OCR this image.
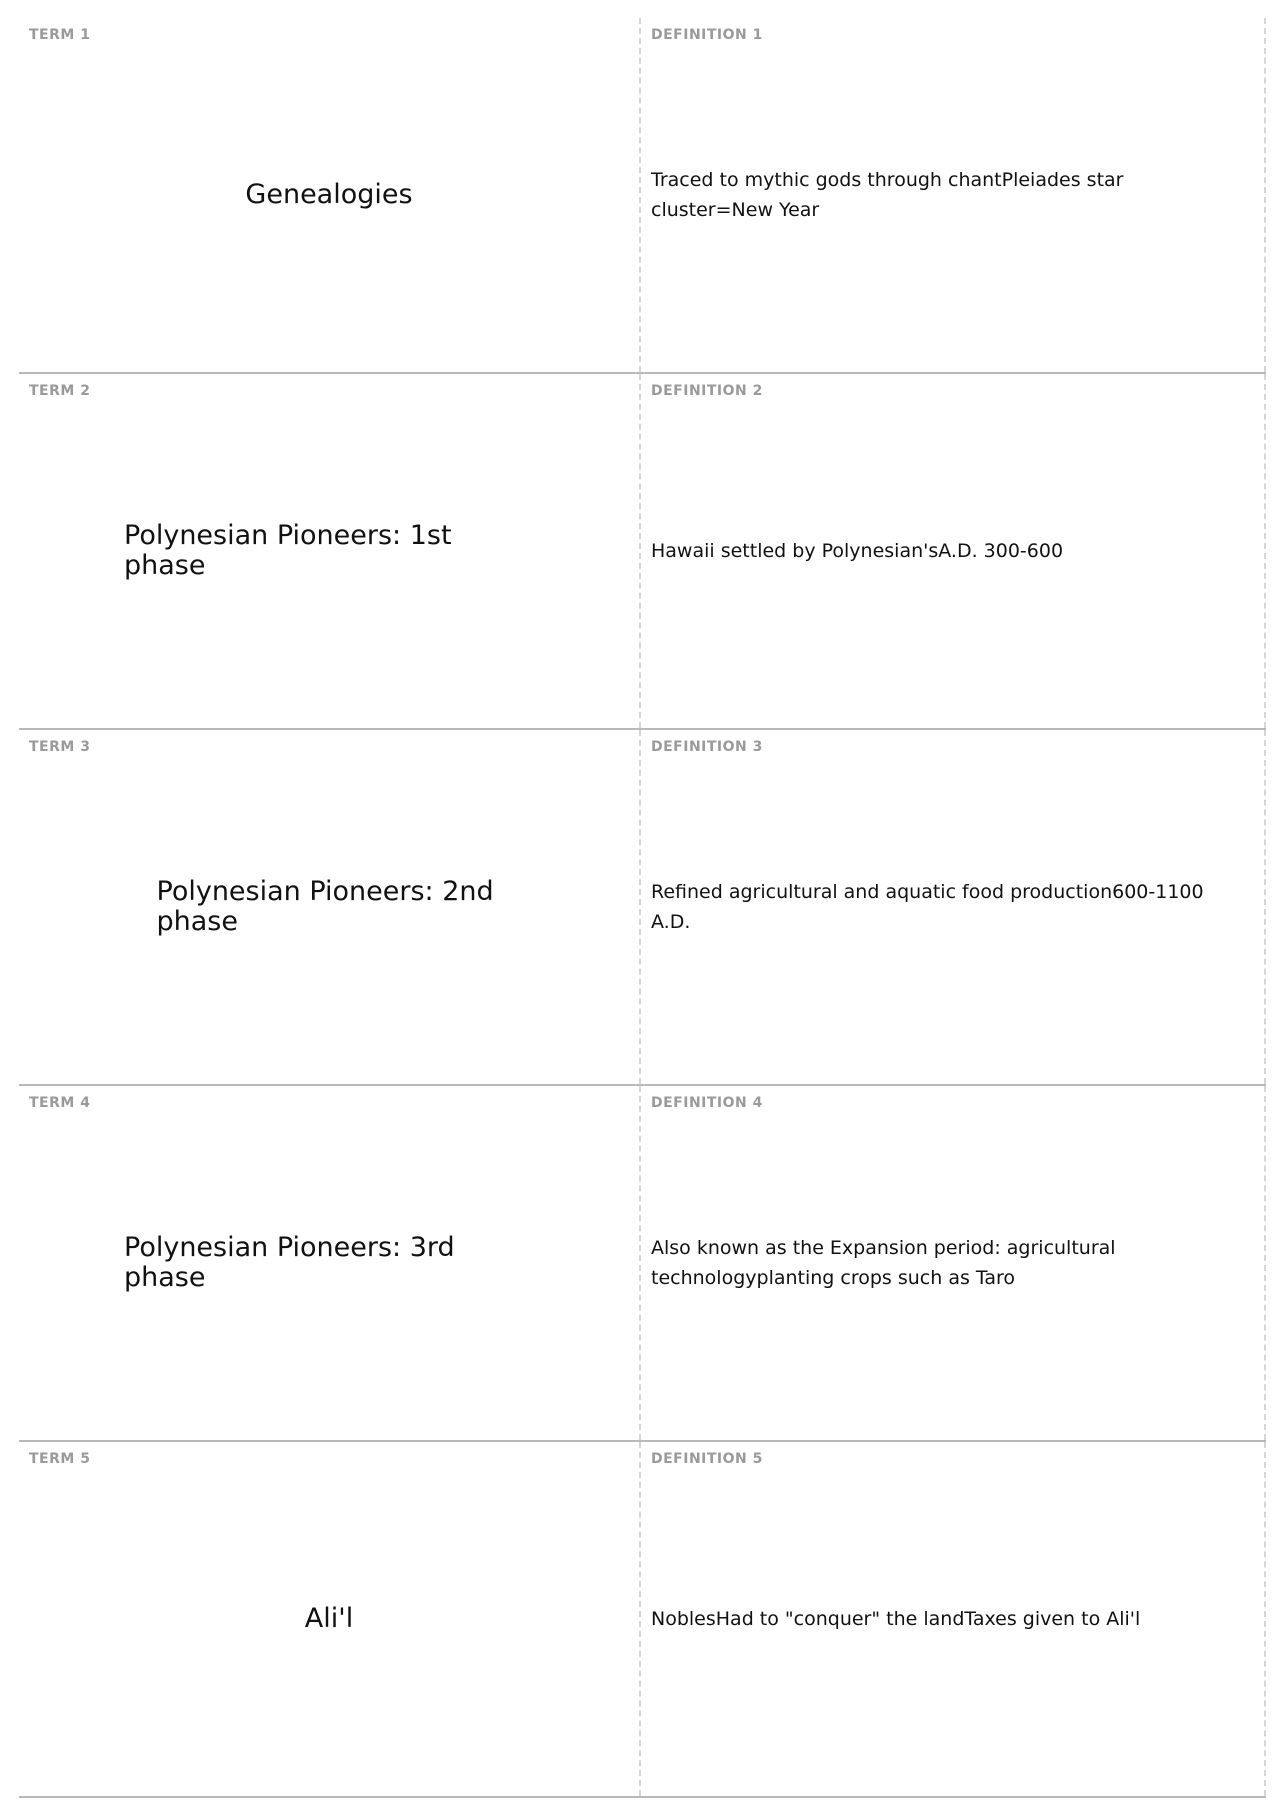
TERM 1
Genealogies
DEFINITION 1
Traced to mythic gods through chantPleiades star cluster=New Year
TERM 2
Polynesian Pioneers: 1st phase
DEFINITION 2
Hawaii settled by Polynesian'sA.D. 300-600
TERM 3
Polynesian Pioneers: 2nd phase
DEFINITION 3
Refined agricultural and aquatic food production600-1100 A.D.
TERM 4
Polynesian Pioneers: 3rd phase
DEFINITION 4
Also known as the Expansion period: agricultural technologyplanting crops such as Taro
TERM 5
Ali'l
DEFINITION 5
NoblesHad to "conquer" the landTaxes given to Ali'l
